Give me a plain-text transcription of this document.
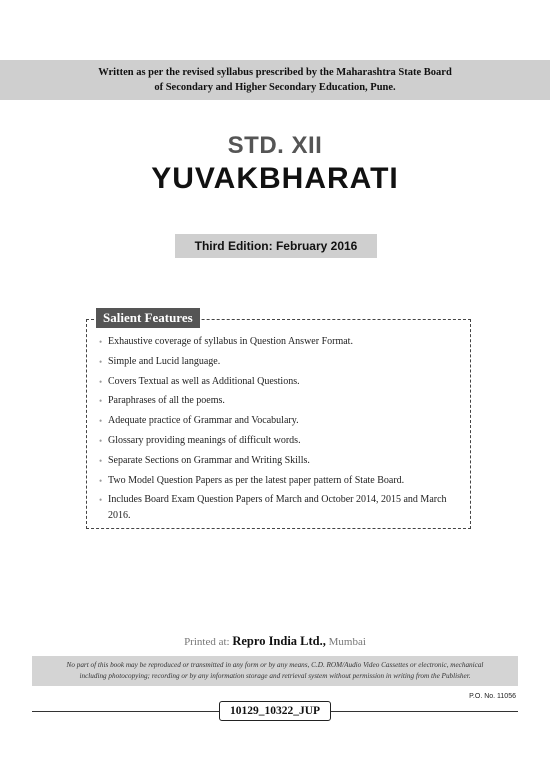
Written as per the revised syllabus prescribed by the Maharashtra State Board
of Secondary and Higher Secondary Education, Pune.
STD. XII
YUVAKBHARATI
Third Edition: February 2016
Salient Features
• Exhaustive coverage of syllabus in Question Answer Format.
• Simple and Lucid language.
• Covers Textual as well as Additional Questions.
• Paraphrases of all the poems.
• Adequate practice of Grammar and Vocabulary.
• Glossary providing meanings of difficult words.
• Separate Sections on Grammar and Writing Skills.
• Two Model Question Papers as per the latest paper pattern of State Board.
• Includes Board Exam Question Papers of March and October 2014, 2015 and March 2016.
Printed at: Repro India Ltd., Mumbai
No part of this book may be reproduced or transmitted in any form or by any means, C.D. ROM/Audio Video Cassettes or electronic, mechanical
including photocopying; recording or by any information storage and retrieval system without permission in writing from the Publisher.
P.O. No. 11056
10129_10322_JUP
